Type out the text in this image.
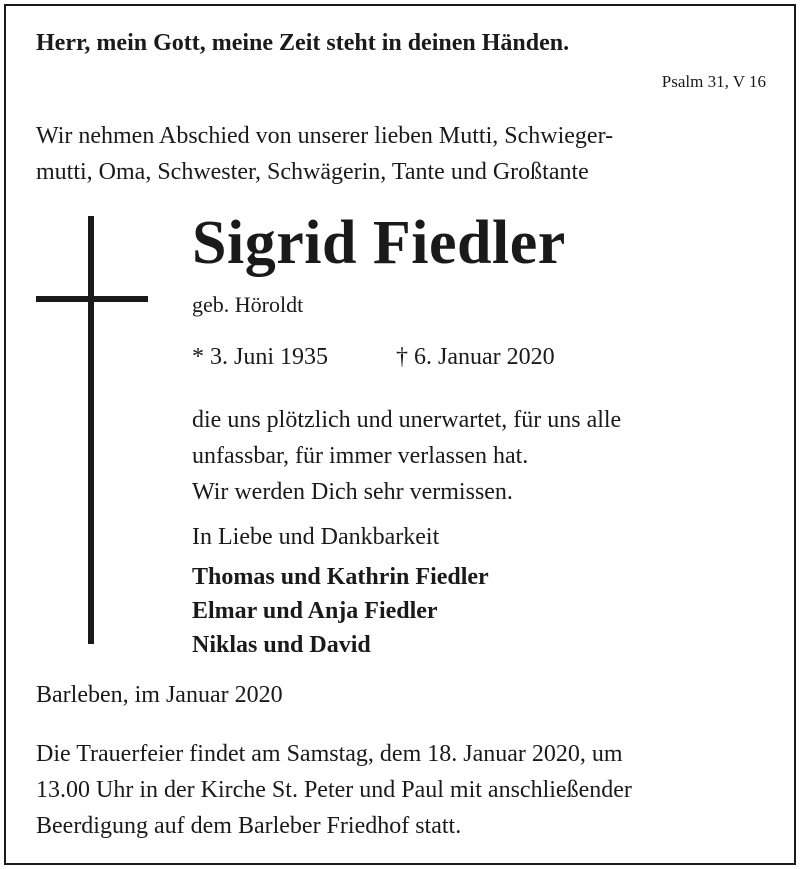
Herr, mein Gott, meine Zeit steht in deinen Händen.
Psalm 31, V 16
Wir nehmen Abschied von unserer lieben Mutti, Schwieger-
mutti, Oma, Schwester, Schwägerin, Tante und Großtante
Sigrid Fiedler
geb. Höroldt
* 3. Juni 1935	† 6. Januar 2020
die uns plötzlich und unerwartet, für uns alle
unfassbar, für immer verlassen hat.
Wir werden Dich sehr vermissen.
In Liebe und Dankbarkeit
Thomas und Kathrin Fiedler
Elmar und Anja Fiedler
Niklas und David
Barleben, im Januar 2020
Die Trauerfeier findet am Samstag, dem 18. Januar 2020, um
13.00 Uhr in der Kirche St. Peter und Paul mit anschließender
Beerdigung auf dem Barleber Friedhof statt.
